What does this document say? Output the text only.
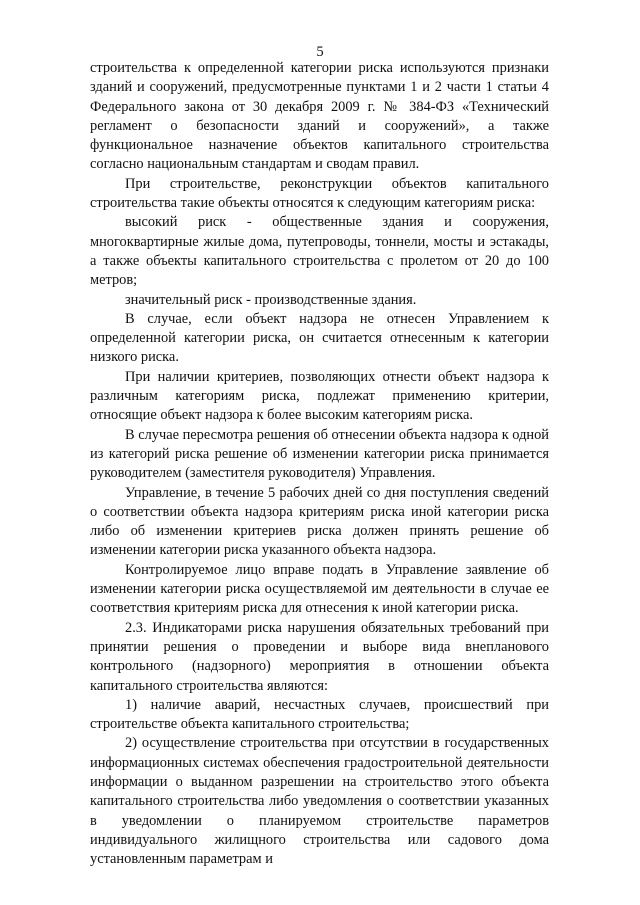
5

строительства к определенной категории риска используются признаки зданий и сооружений, предусмотренные пунктами 1 и 2 части 1 статьи 4 Федерального закона от 30 декабря 2009 г. № 384-ФЗ «Технический регламент о безопасности зданий и сооружений», а также функциональное назначение объектов капитального строительства согласно национальным стандартам и сводам правил.

При строительстве, реконструкции объектов капитального строительства такие объекты относятся к следующим категориям риска:

высокий риск - общественные здания и сооружения, многоквартирные жилые дома, путепроводы, тоннели, мосты и эстакады, а также объекты капитального строительства с пролетом от 20 до 100 метров;

значительный риск - производственные здания.

В случае, если объект надзора не отнесен Управлением к определенной категории риска, он считается отнесенным к категории низкого риска.

При наличии критериев, позволяющих отнести объект надзора к различным категориям риска, подлежат применению критерии, относящие объект надзора к более высоким категориям риска.

В случае пересмотра решения об отнесении объекта надзора к одной из категорий риска решение об изменении категории риска принимается руководителем (заместителя руководителя) Управления.

Управление, в течение 5 рабочих дней со дня поступления сведений о соответствии объекта надзора критериям риска иной категории риска либо об изменении критериев риска должен принять решение об изменении категории риска указанного объекта надзора.

Контролируемое лицо вправе подать в Управление заявление об изменении категории риска осуществляемой им деятельности в случае ее соответствия критериям риска для отнесения к иной категории риска.

2.3. Индикаторами риска нарушения обязательных требований при принятии решения о проведении и выборе вида внепланового контрольного (надзорного) мероприятия в отношении объекта капитального строительства являются:

1) наличие аварий, несчастных случаев, происшествий при строительстве объекта капитального строительства;

2) осуществление строительства при отсутствии в государственных информационных системах обеспечения градостроительной деятельности информации о выданном разрешении на строительство этого объекта капитального строительства либо уведомления о соответствии указанных в уведомлении о планируемом строительстве параметров индивидуального жилищного строительства или садового дома установленным параметрам и
